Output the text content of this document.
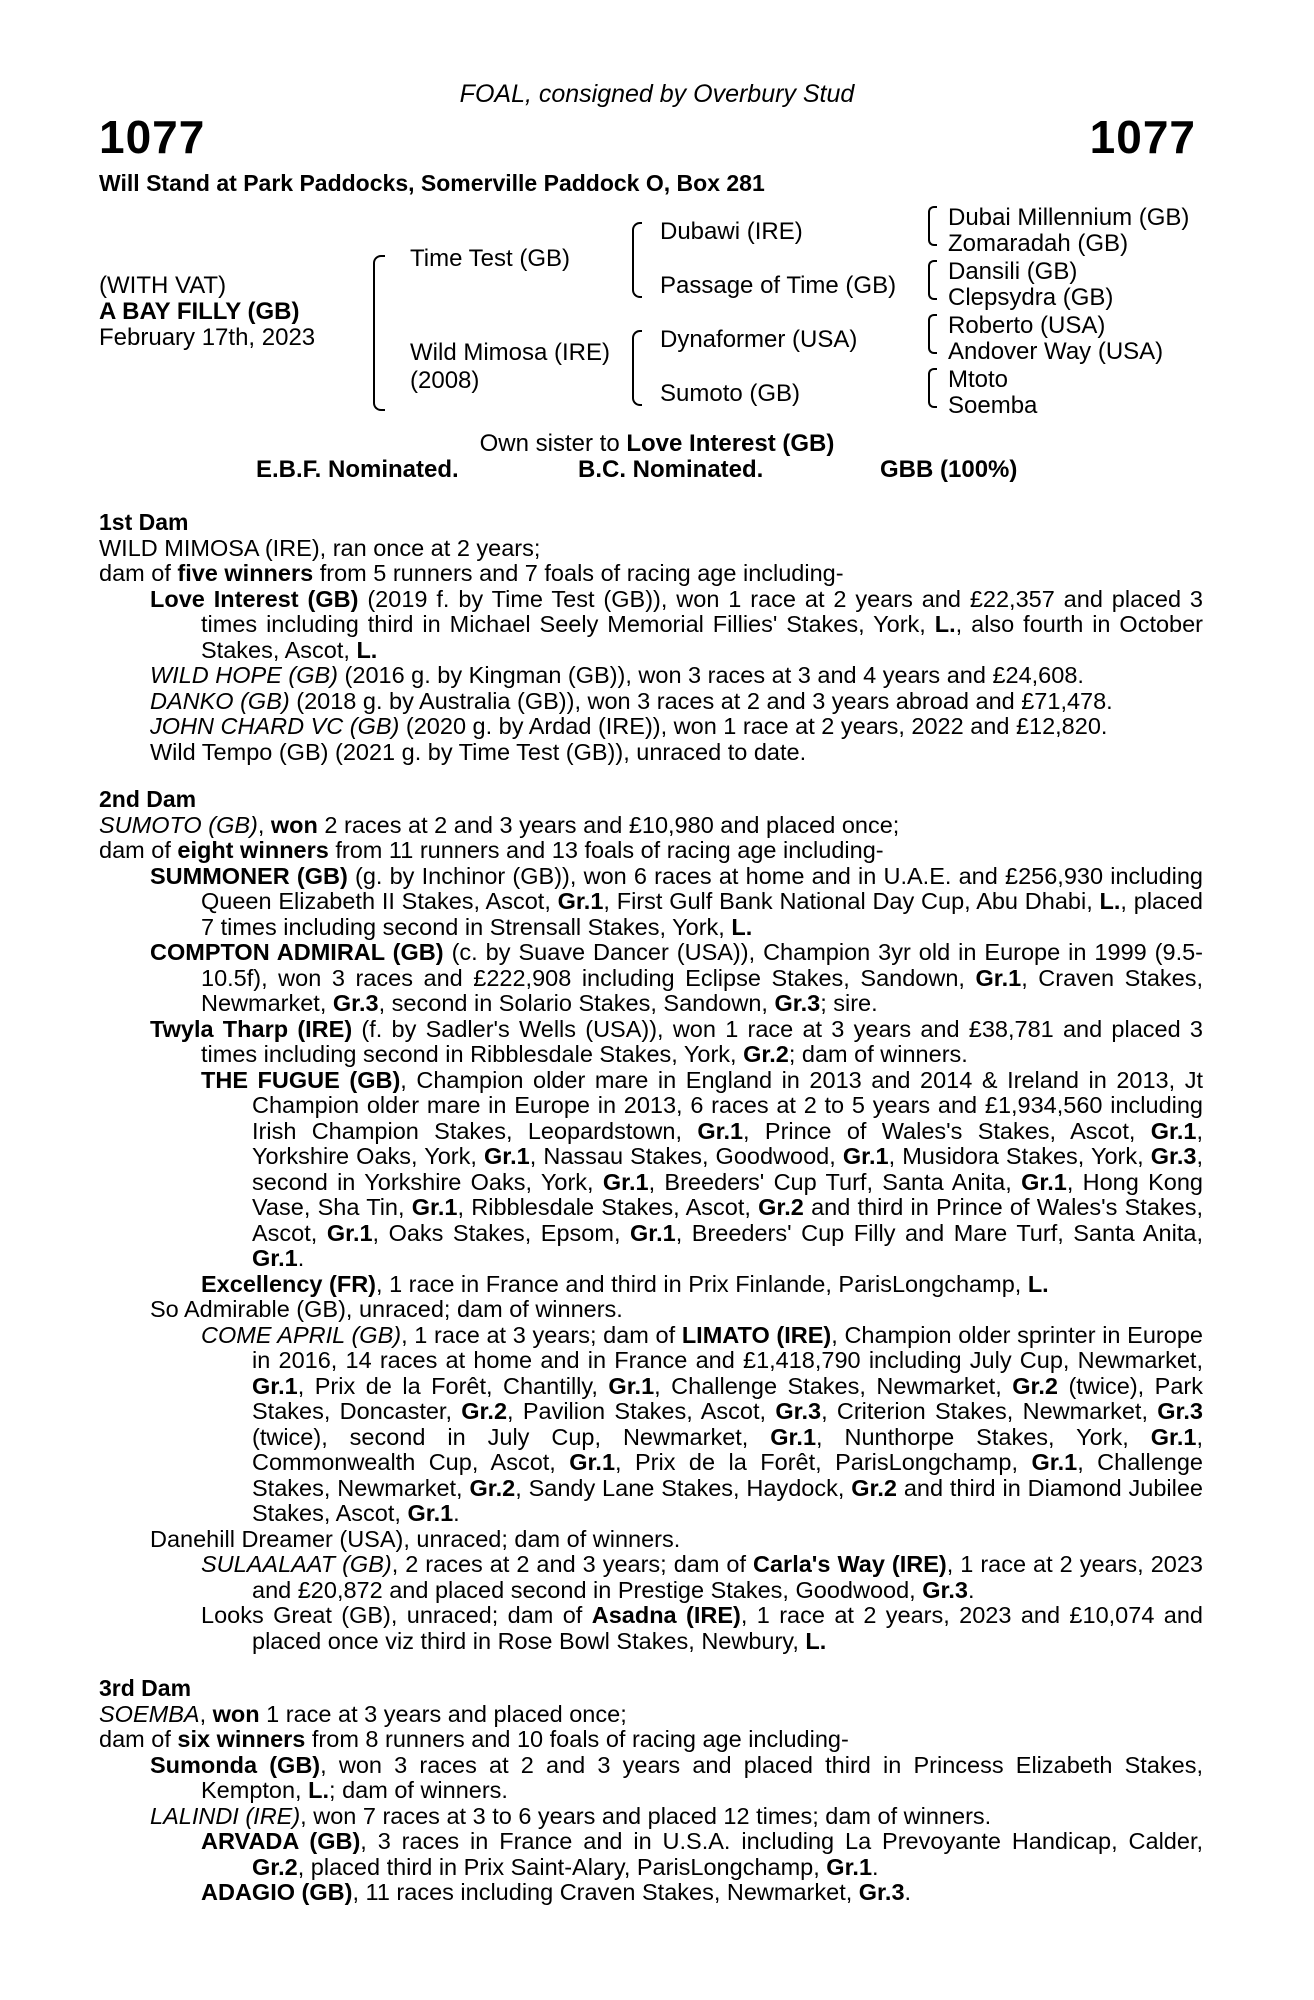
FOAL, consigned by Overbury Stud
1077	1077
Will Stand at Park Paddocks, Somerville Paddock O, Box 281
(WITH VAT)
A BAY FILLY (GB)
February 17th, 2023
Time Test (GB)
Wild Mimosa (IRE)
(2008)
Dubawi (IRE)
Passage of Time (GB)
Dynaformer (USA)
Sumoto (GB)
Dubai Millennium (GB)
Zomaradah (GB)
Dansili (GB)
Clepsydra (GB)
Roberto (USA)
Andover Way (USA)
Mtoto
Soemba
Own sister to Love Interest (GB)
E.B.F. Nominated.	B.C. Nominated.	GBB (100%)

1st Dam

WILD MIMOSA (IRE), ran once at 2 years;

dam of five winners from 5 runners and 7 foals of racing age including-

Love Interest (GB) (2019 f. by Time Test (GB)), won 1 race at 2 years and £22,357 and placed 3 times including third in Michael Seely Memorial Fillies' Stakes, York, L., also fourth in October Stakes, Ascot, L.

WILD HOPE (GB) (2016 g. by Kingman (GB)), won 3 races at 3 and 4 years and £24,608.

DANKO (GB) (2018 g. by Australia (GB)), won 3 races at 2 and 3 years abroad and £71,478.

JOHN CHARD VC (GB) (2020 g. by Ardad (IRE)), won 1 race at 2 years, 2022 and £12,820.

Wild Tempo (GB) (2021 g. by Time Test (GB)), unraced to date.

2nd Dam

SUMOTO (GB), won 2 races at 2 and 3 years and £10,980 and placed once;

dam of eight winners from 11 runners and 13 foals of racing age including-

SUMMONER (GB) (g. by Inchinor (GB)), won 6 races at home and in U.A.E. and £256,930 including Queen Elizabeth II Stakes, Ascot, Gr.1, First Gulf Bank National Day Cup, Abu Dhabi, L., placed 7 times including second in Strensall Stakes, York, L.

COMPTON ADMIRAL (GB) (c. by Suave Dancer (USA)), Champion 3yr old in Europe in 1999 (9.5-10.5f), won 3 races and £222,908 including Eclipse Stakes, Sandown, Gr.1, Craven Stakes, Newmarket, Gr.3, second in Solario Stakes, Sandown, Gr.3; sire.

Twyla Tharp (IRE) (f. by Sadler's Wells (USA)), won 1 race at 3 years and £38,781 and placed 3 times including second in Ribblesdale Stakes, York, Gr.2; dam of winners.

THE FUGUE (GB), Champion older mare in England in 2013 and 2014 & Ireland in 2013, Jt Champion older mare in Europe in 2013, 6 races at 2 to 5 years and £1,934,560 including Irish Champion Stakes, Leopardstown, Gr.1, Prince of Wales's Stakes, Ascot, Gr.1, Yorkshire Oaks, York, Gr.1, Nassau Stakes, Goodwood, Gr.1, Musidora Stakes, York, Gr.3, second in Yorkshire Oaks, York, Gr.1, Breeders' Cup Turf, Santa Anita, Gr.1, Hong Kong Vase, Sha Tin, Gr.1, Ribblesdale Stakes, Ascot, Gr.2 and third in Prince of Wales's Stakes, Ascot, Gr.1, Oaks Stakes, Epsom, Gr.1, Breeders' Cup Filly and Mare Turf, Santa Anita, Gr.1.

Excellency (FR), 1 race in France and third in Prix Finlande, ParisLongchamp, L.

So Admirable (GB), unraced; dam of winners.

COME APRIL (GB), 1 race at 3 years; dam of LIMATO (IRE), Champion older sprinter in Europe in 2016, 14 races at home and in France and £1,418,790 including July Cup, Newmarket, Gr.1, Prix de la Forêt, Chantilly, Gr.1, Challenge Stakes, Newmarket, Gr.2 (twice), Park Stakes, Doncaster, Gr.2, Pavilion Stakes, Ascot, Gr.3, Criterion Stakes, Newmarket, Gr.3 (twice), second in July Cup, Newmarket, Gr.1, Nunthorpe Stakes, York, Gr.1, Commonwealth Cup, Ascot, Gr.1, Prix de la Forêt, ParisLongchamp, Gr.1, Challenge Stakes, Newmarket, Gr.2, Sandy Lane Stakes, Haydock, Gr.2 and third in Diamond Jubilee Stakes, Ascot, Gr.1.

Danehill Dreamer (USA), unraced; dam of winners.

SULAALAAT (GB), 2 races at 2 and 3 years; dam of Carla's Way (IRE), 1 race at 2 years, 2023 and £20,872 and placed second in Prestige Stakes, Goodwood, Gr.3.

Looks Great (GB), unraced; dam of Asadna (IRE), 1 race at 2 years, 2023 and £10,074 and placed once viz third in Rose Bowl Stakes, Newbury, L.

3rd Dam

SOEMBA, won 1 race at 3 years and placed once;

dam of six winners from 8 runners and 10 foals of racing age including-

Sumonda (GB), won 3 races at 2 and 3 years and placed third in Princess Elizabeth Stakes, Kempton, L.; dam of winners.

LALINDI (IRE), won 7 races at 3 to 6 years and placed 12 times; dam of winners.

ARVADA (GB), 3 races in France and in U.S.A. including La Prevoyante Handicap, Calder, Gr.2, placed third in Prix Saint-Alary, ParisLongchamp, Gr.1.

ADAGIO (GB), 11 races including Craven Stakes, Newmarket, Gr.3.
